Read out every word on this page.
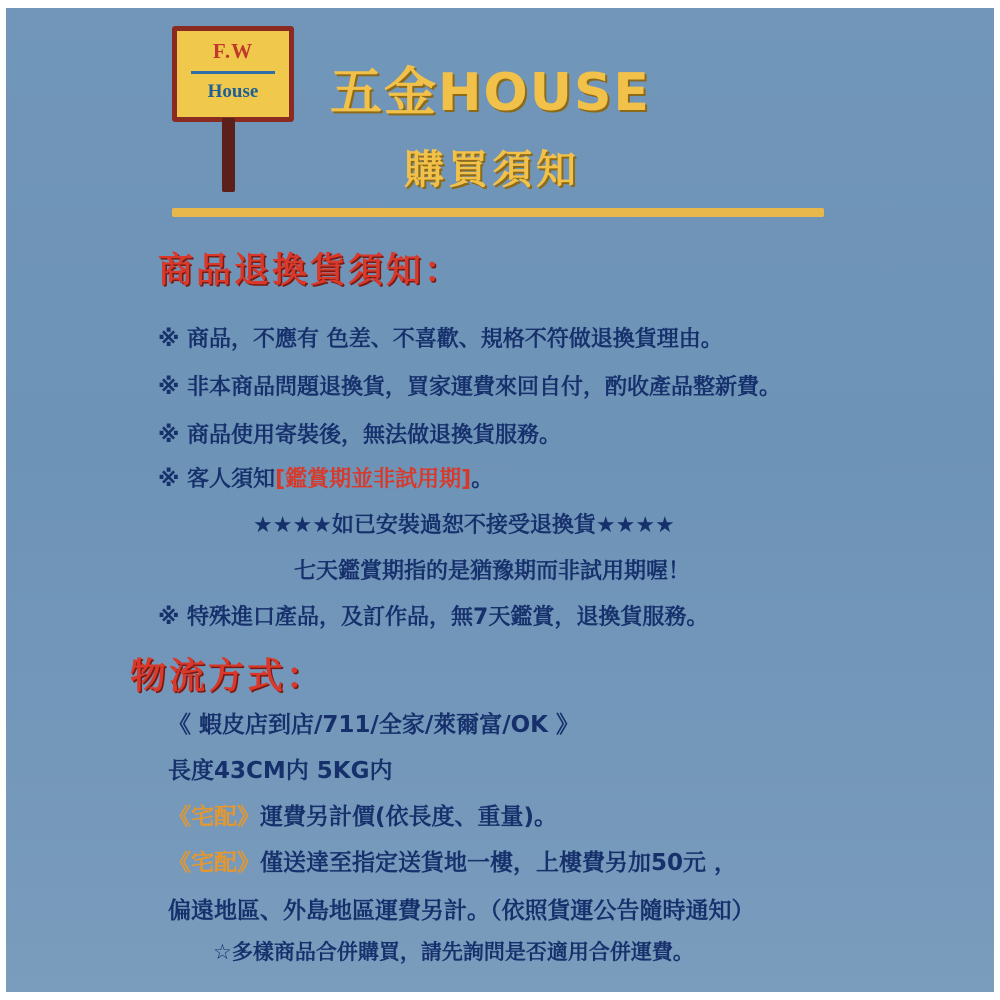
F.W
House	五金HOUSE
購買須知
商品退換貨須知：
※ 商品，不應有 色差、不喜歡、規格不符做退換貨理由。
※ 非本商品問題退換貨，買家運費來回自付，酌收產品整新費。
※ 商品使用寄裝後，無法做退換貨服務。
※ 客人須知[鑑賞期並非試用期]。
★★★★如已安裝過恕不接受退換貨★★★★
七天鑑賞期指的是猶豫期而非試用期喔！
※ 特殊進口產品，及訂作品，無7天鑑賞，退換貨服務。
物流方式：
《 蝦皮店到店/711/全家/萊爾富/OK 》
長度43CM内 5KG内
《宅配》運費另計價(依長度、重量)。
《宅配》僅送達至指定送貨地一樓，上樓費另加50元 ，
偏遠地區、外島地區運費另計。（依照貨運公告隨時通知）
☆多樣商品合併購買，請先詢問是否適用合併運費。
